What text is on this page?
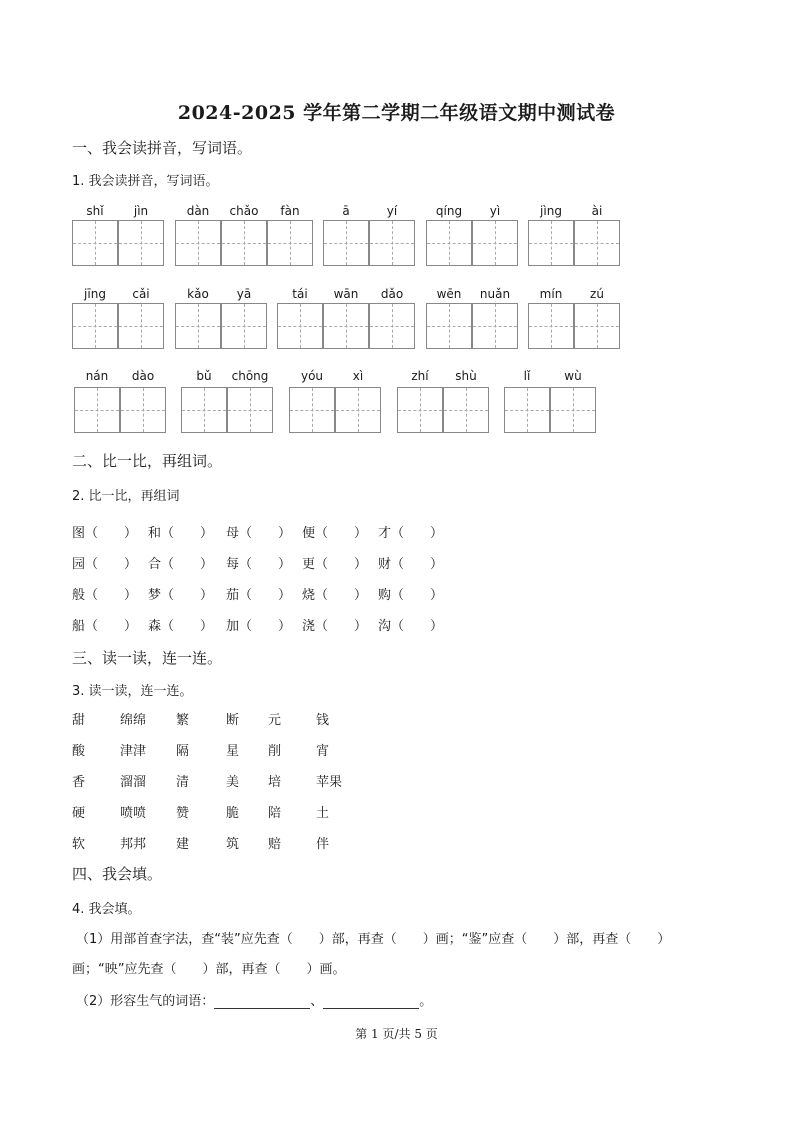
2024-2025 学年第二学期二年级语文期中测试卷
一、我会读拼音，写词语。
1. 我会读拼音，写词语。
shǐ	jìn	dàn	chǎo	fàn	ā	yí	qíng	yì	jìng	ài
jīng	cǎi	kǎo	yā	tái	wān	dǎo	wēn	nuǎn	mín	zú
nán	dào	bǔ	chōng	yóu	xì	zhí	shù	lǐ	wù
二、比一比，再组词。
2. 比一比，再组词
图（　　） 和（　　） 母（　　） 便（　　） 才（　　）
园（　　） 合（　　） 每（　　） 更（　　） 财（　　）
般（　　） 梦（　　） 茄（　　） 烧（　　） 购（　　）
船（　　） 森（　　） 加（　　） 浇（　　） 沟（　　）
三、读一读，连一连。
3. 读一读，连一连。
甜	绵绵 繁	断 元	钱
酸	津津 隔	星 削	宵
香	溜溜 清	美 培	苹果
硬	喷喷 赞	脆 陪	土
软	邦邦 建	筑 赔	伴
四、我会填。
4. 我会填。
（1）用部首查字法，查“装”应先查（　　）部，再查（　　）画；“鉴”应查（　　）部，再查（　　）
画；“映”应先查（　　）部，再查（　　）画。
（2）形容生气的词语：	、	。
第 1 页/共 5 页
